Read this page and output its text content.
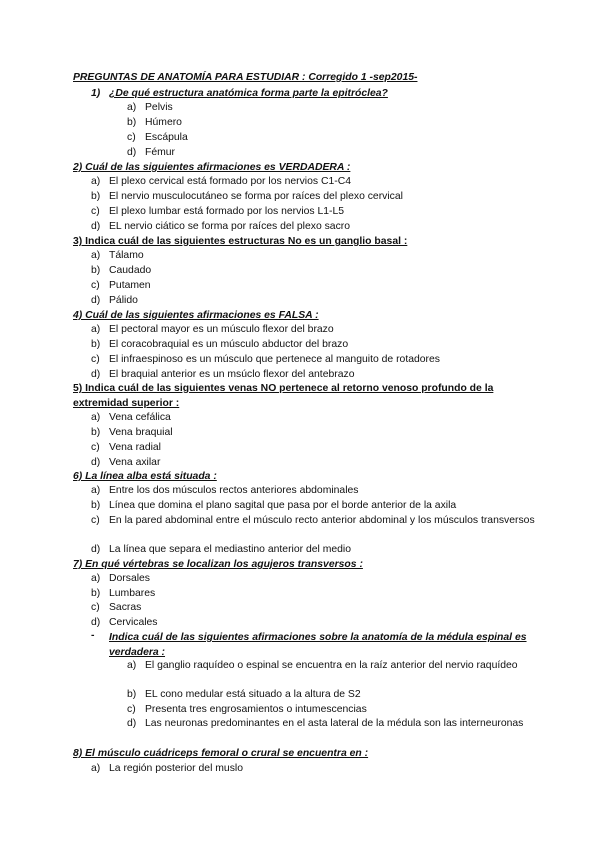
PREGUNTAS DE ANATOMÍA PARA ESTUDIAR : Corregido 1 -sep2015-
1) ¿De qué estructura anatómica forma parte la epitróclea?
a) Pelvis
b) Húmero
c) Escápula
d) Fémur
2) Cuál de las siguientes afirmaciones es VERDADERA :
a) El plexo cervical está formado por los nervios C1-C4
b) El nervio musculocutáneo se forma por raíces del plexo cervical
c) El plexo lumbar está formado por los nervios L1-L5
d) EL nervio ciático se forma por raíces del plexo sacro
3) Indica cuál de las siguientes estructuras No es un ganglio basal :
a) Tálamo
b) Caudado
c) Putamen
d) Pálido
4) Cuál de las siguientes afirmaciones es FALSA :
a) El pectoral mayor es un músculo flexor del brazo
b) El coracobraquial es un músculo abductor del brazo
c) El infraespinoso es un músculo que pertenece al manguito de rotadores
d) El braquial anterior es un msúclo flexor del antebrazo
5) Indica cuál de las siguientes venas NO pertenece al retorno venoso profundo de la extremidad superior :
a) Vena cefálica
b) Vena braquial
c) Vena radial
d) Vena axilar
6) La línea alba está situada :
a) Entre los dos músculos rectos anteriores abdominales
b) Línea que domina el plano sagital que pasa por el borde anterior de la axila
c) En la pared abdominal entre el músculo recto anterior abdominal y los músculos transversos
d) La línea que separa el mediastino anterior del medio
7) En qué vértebras se localizan los agujeros transversos :
a) Dorsales
b) Lumbares
c) Sacras
d) Cervicales
- Indica cuál de las siguientes afirmaciones sobre la anatomía de la médula espinal es verdadera :
a) El ganglio raquídeo o espinal se encuentra en la raíz anterior del nervio raquídeo
b) EL cono medular está situado a la altura de S2
c) Presenta tres engrosamientos o intumescencias
d) Las neuronas predominantes en el asta lateral de la médula son las interneuronas
8) El músculo cuádriceps femoral o crural se encuentra en :
a) La región posterior del muslo
